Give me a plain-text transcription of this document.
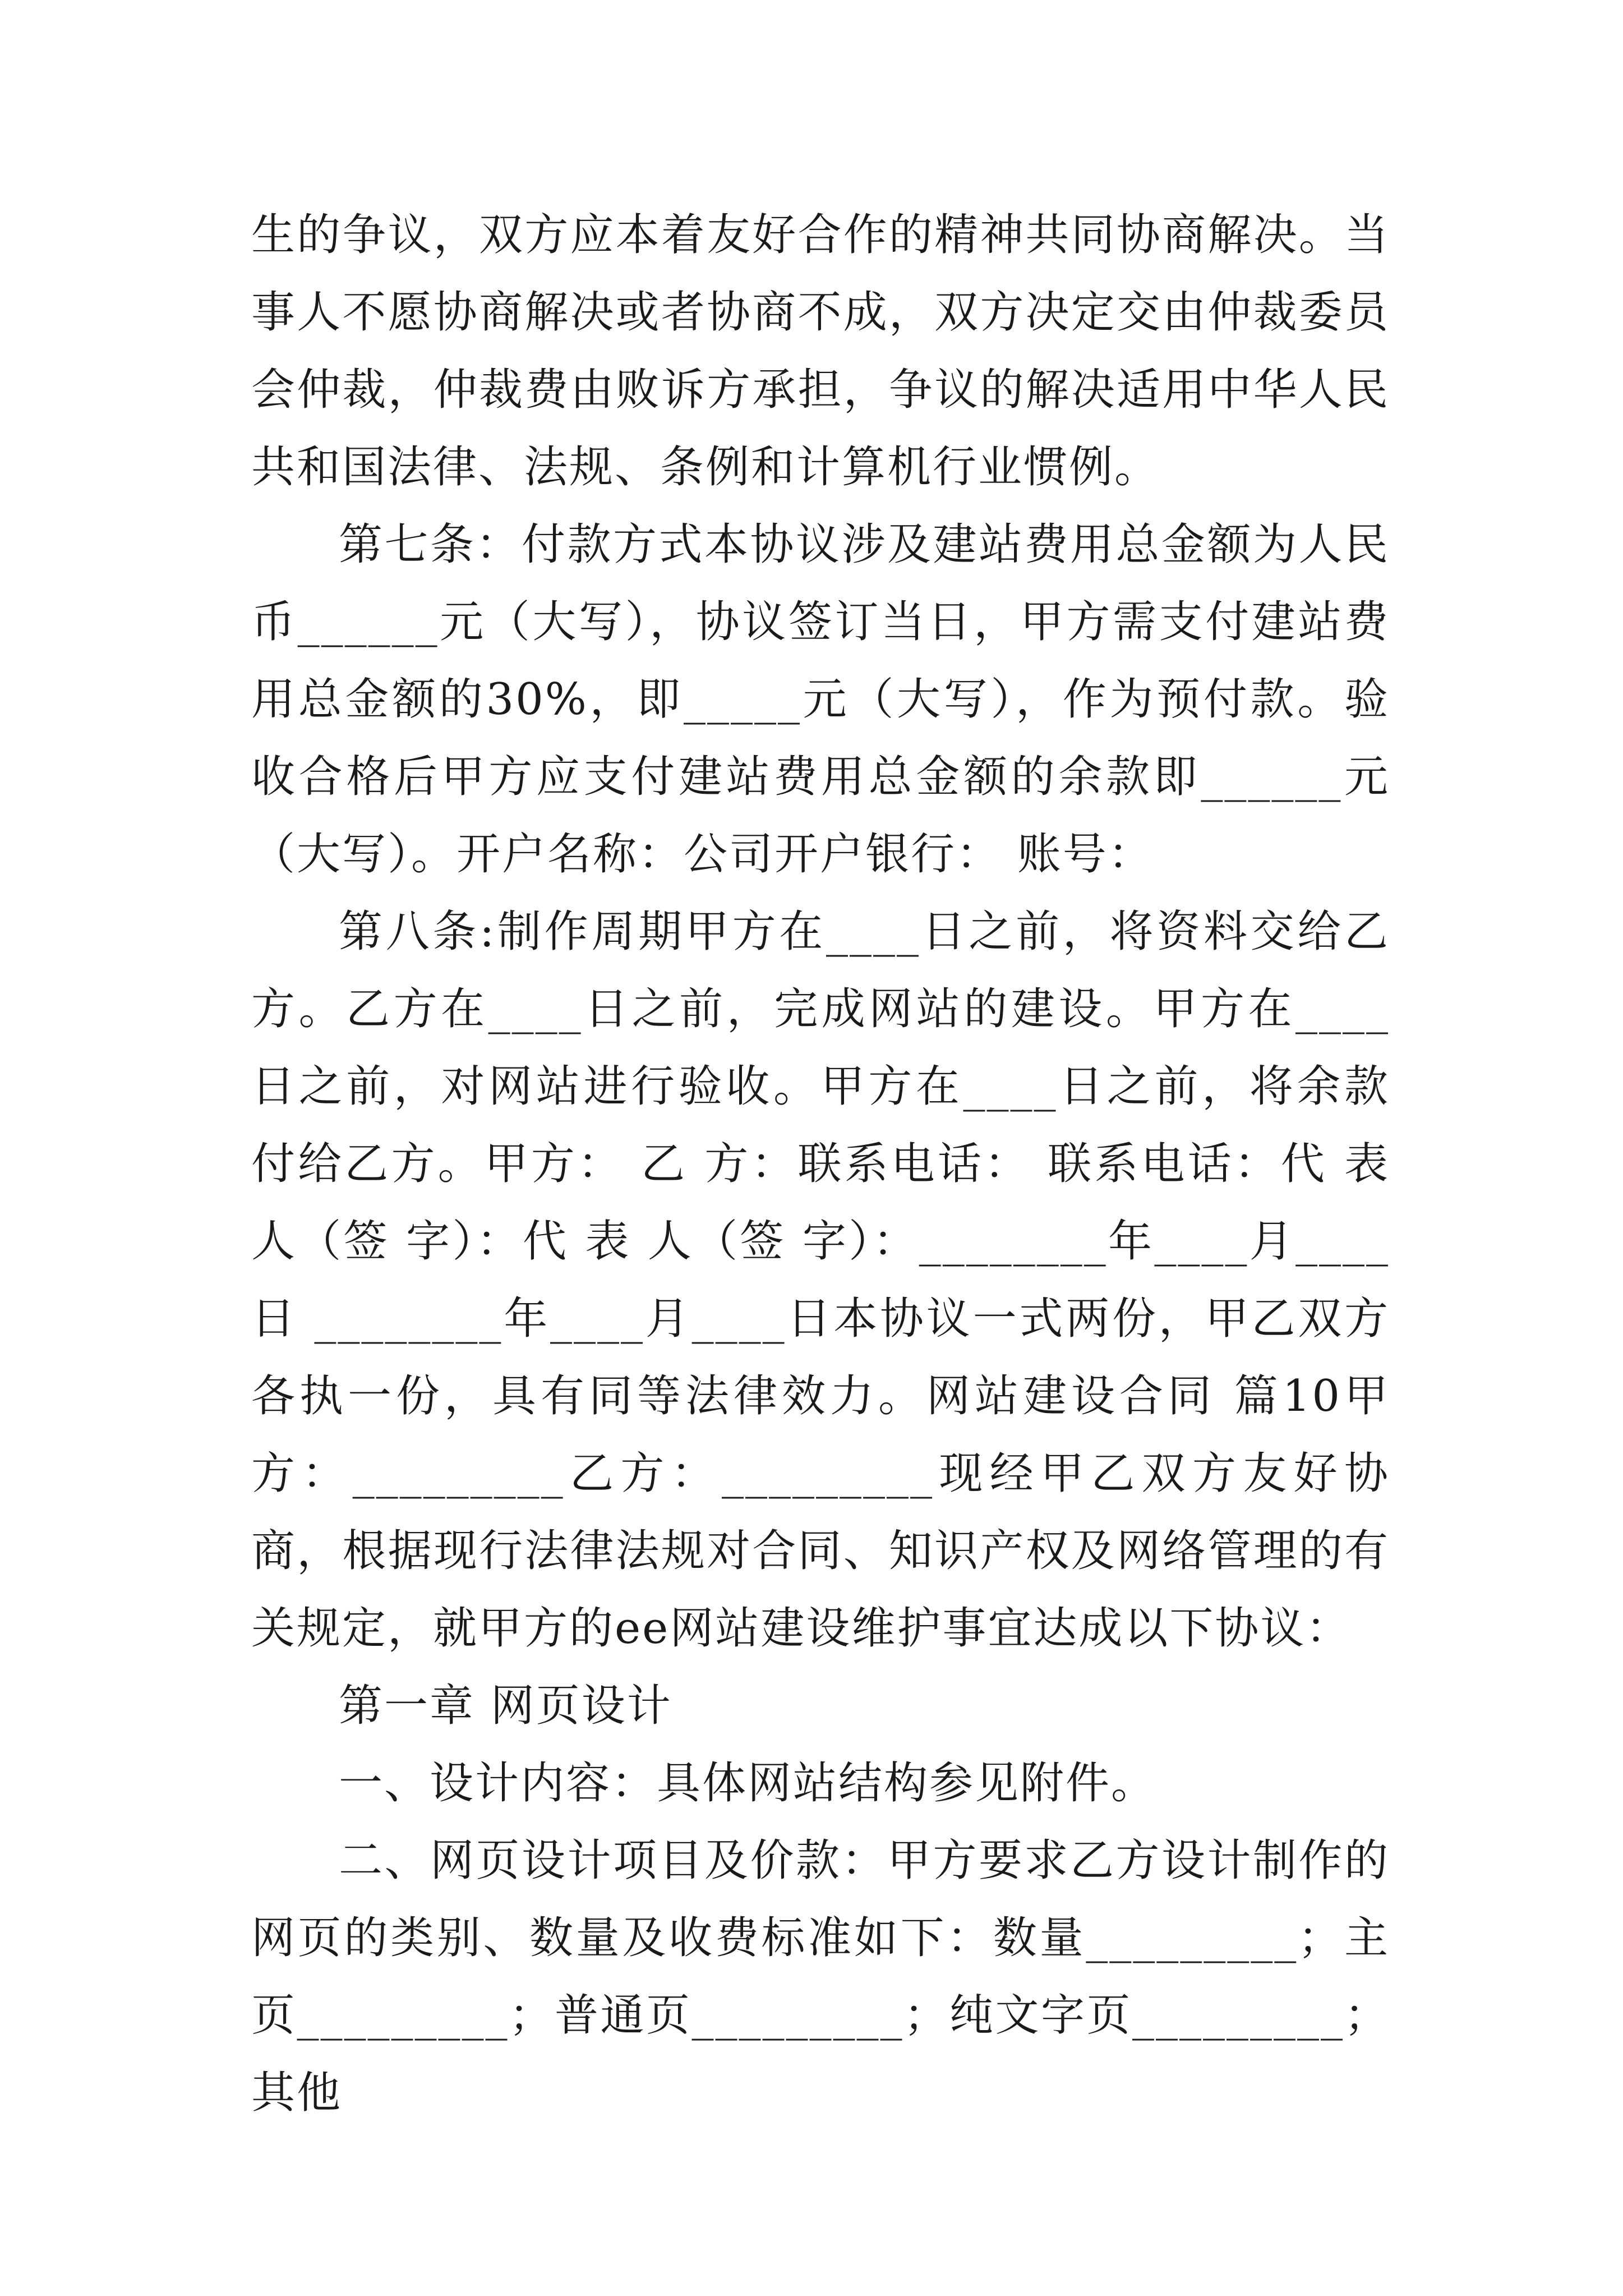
生的争议，双方应本着友好合作的精神共同协商解决。当事人不愿协商解决或者协商不成，双方决定交由仲裁委员会仲裁，仲裁费由败诉方承担，争议的解决适用中华人民共和国法律、法规、条例和计算机行业惯例。

第七条：付款方式本协议涉及建站费用总金额为人民币______元（大写），协议签订当日，甲方需支付建站费用总金额的30%，即_____元（大写），作为预付款。验收合格后甲方应支付建站费用总金额的余款即______元（大写）。开户名称：公司开户银行： 账号：

第八条:制作周期甲方在____日之前，将资料交给乙方。乙方在____日之前，完成网站的建设。甲方在____日之前，对网站进行验收。甲方在____日之前，将余款付给乙方。甲方： 乙 方：联系电话： 联系电话：代 表 人（签 字）：代 表 人（签 字）：________年____月____日 ________年____月____日本协议一式两份，甲乙双方各执一份，具有同等法律效力。网站建设合同 篇10甲方：_________乙方：_________现经甲乙双方友好协商，根据现行法律法规对合同、知识产权及网络管理的有关规定，就甲方的ee网站建设维护事宜达成以下协议：

第一章 网页设计

一、设计内容：具体网站结构参见附件。

二、网页设计项目及价款：甲方要求乙方设计制作的网页的类别、数量及收费标准如下：数量_________；主页_________；普通页_________；纯文字页_________；其他
